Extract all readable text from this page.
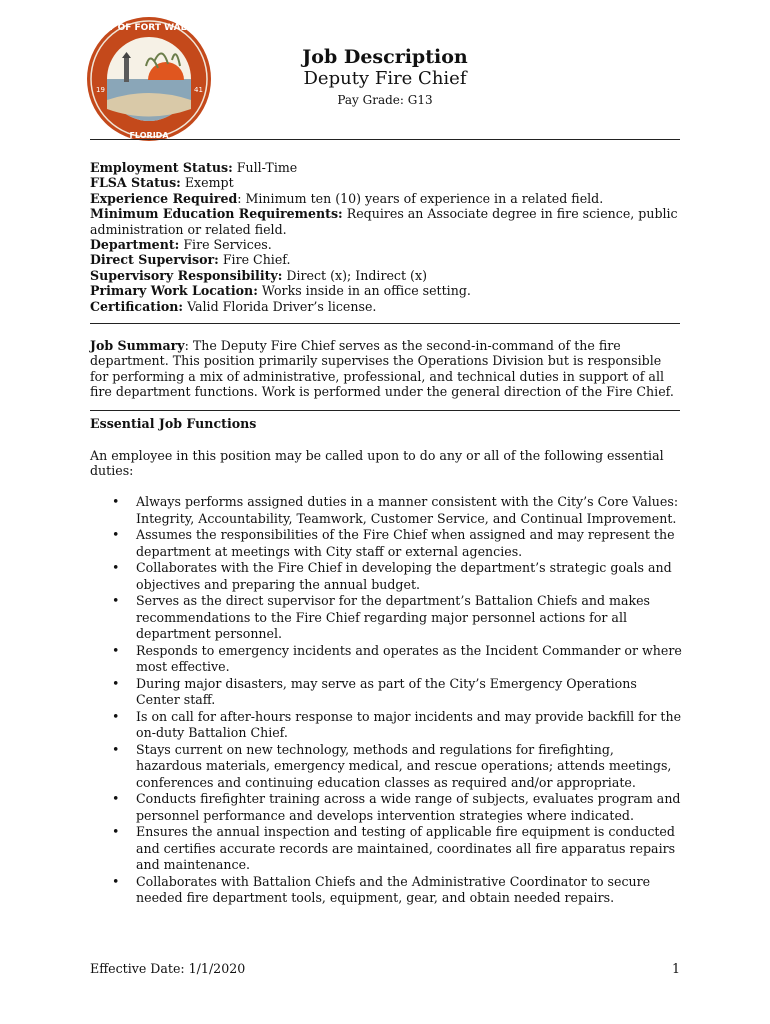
CITY OF FORT WALTON
FLORIDA
19	41
Job Description
Deputy Fire Chief
Pay Grade: G13
Employment Status: Full-Time
FLSA Status: Exempt
Experience Required: Minimum ten (10) years of experience in a related field.
Minimum Education Requirements: Requires an Associate degree in fire science, public administration or related field.
Department: Fire Services.
Direct Supervisor: Fire Chief.
Supervisory Responsibility: Direct (x); Indirect (x)
Primary Work Location: Works inside in an office setting.
Certification: Valid Florida Driver’s license.
Job Summary: The Deputy Fire Chief serves as the second-in-command of the fire department. This position primarily supervises the Operations Division but is responsible for performing a mix of administrative, professional, and technical duties in support of all fire department functions. Work is performed under the general direction of the Fire Chief.
Essential Job Functions
An employee in this position may be called upon to do any or all of the following essential duties:
• Always performs assigned duties in a manner consistent with the City’s Core Values: Integrity, Accountability, Teamwork, Customer Service, and Continual Improvement.
• Assumes the responsibilities of the Fire Chief when assigned and may represent the department at meetings with City staff or external agencies.
• Collaborates with the Fire Chief in developing the department’s strategic goals and objectives and preparing the annual budget.
• Serves as the direct supervisor for the department’s Battalion Chiefs and makes recommendations to the Fire Chief regarding major personnel actions for all department personnel.
• Responds to emergency incidents and operates as the Incident Commander or where most effective.
• During major disasters, may serve as part of the City’s Emergency Operations Center staff.
• Is on call for after-hours response to major incidents and may provide backfill for the on-duty Battalion Chief.
• Stays current on new technology, methods and regulations for firefighting, hazardous materials, emergency medical, and rescue operations; attends meetings, conferences and continuing education classes as required and/or appropriate.
• Conducts firefighter training across a wide range of subjects, evaluates program and personnel performance and develops intervention strategies where indicated.
• Ensures the annual inspection and testing of applicable fire equipment is conducted and certifies accurate records are maintained, coordinates all fire apparatus repairs and maintenance.
• Collaborates with Battalion Chiefs and the Administrative Coordinator to secure needed fire department tools, equipment, gear, and obtain needed repairs.
Effective Date: 1/1/2020	1
